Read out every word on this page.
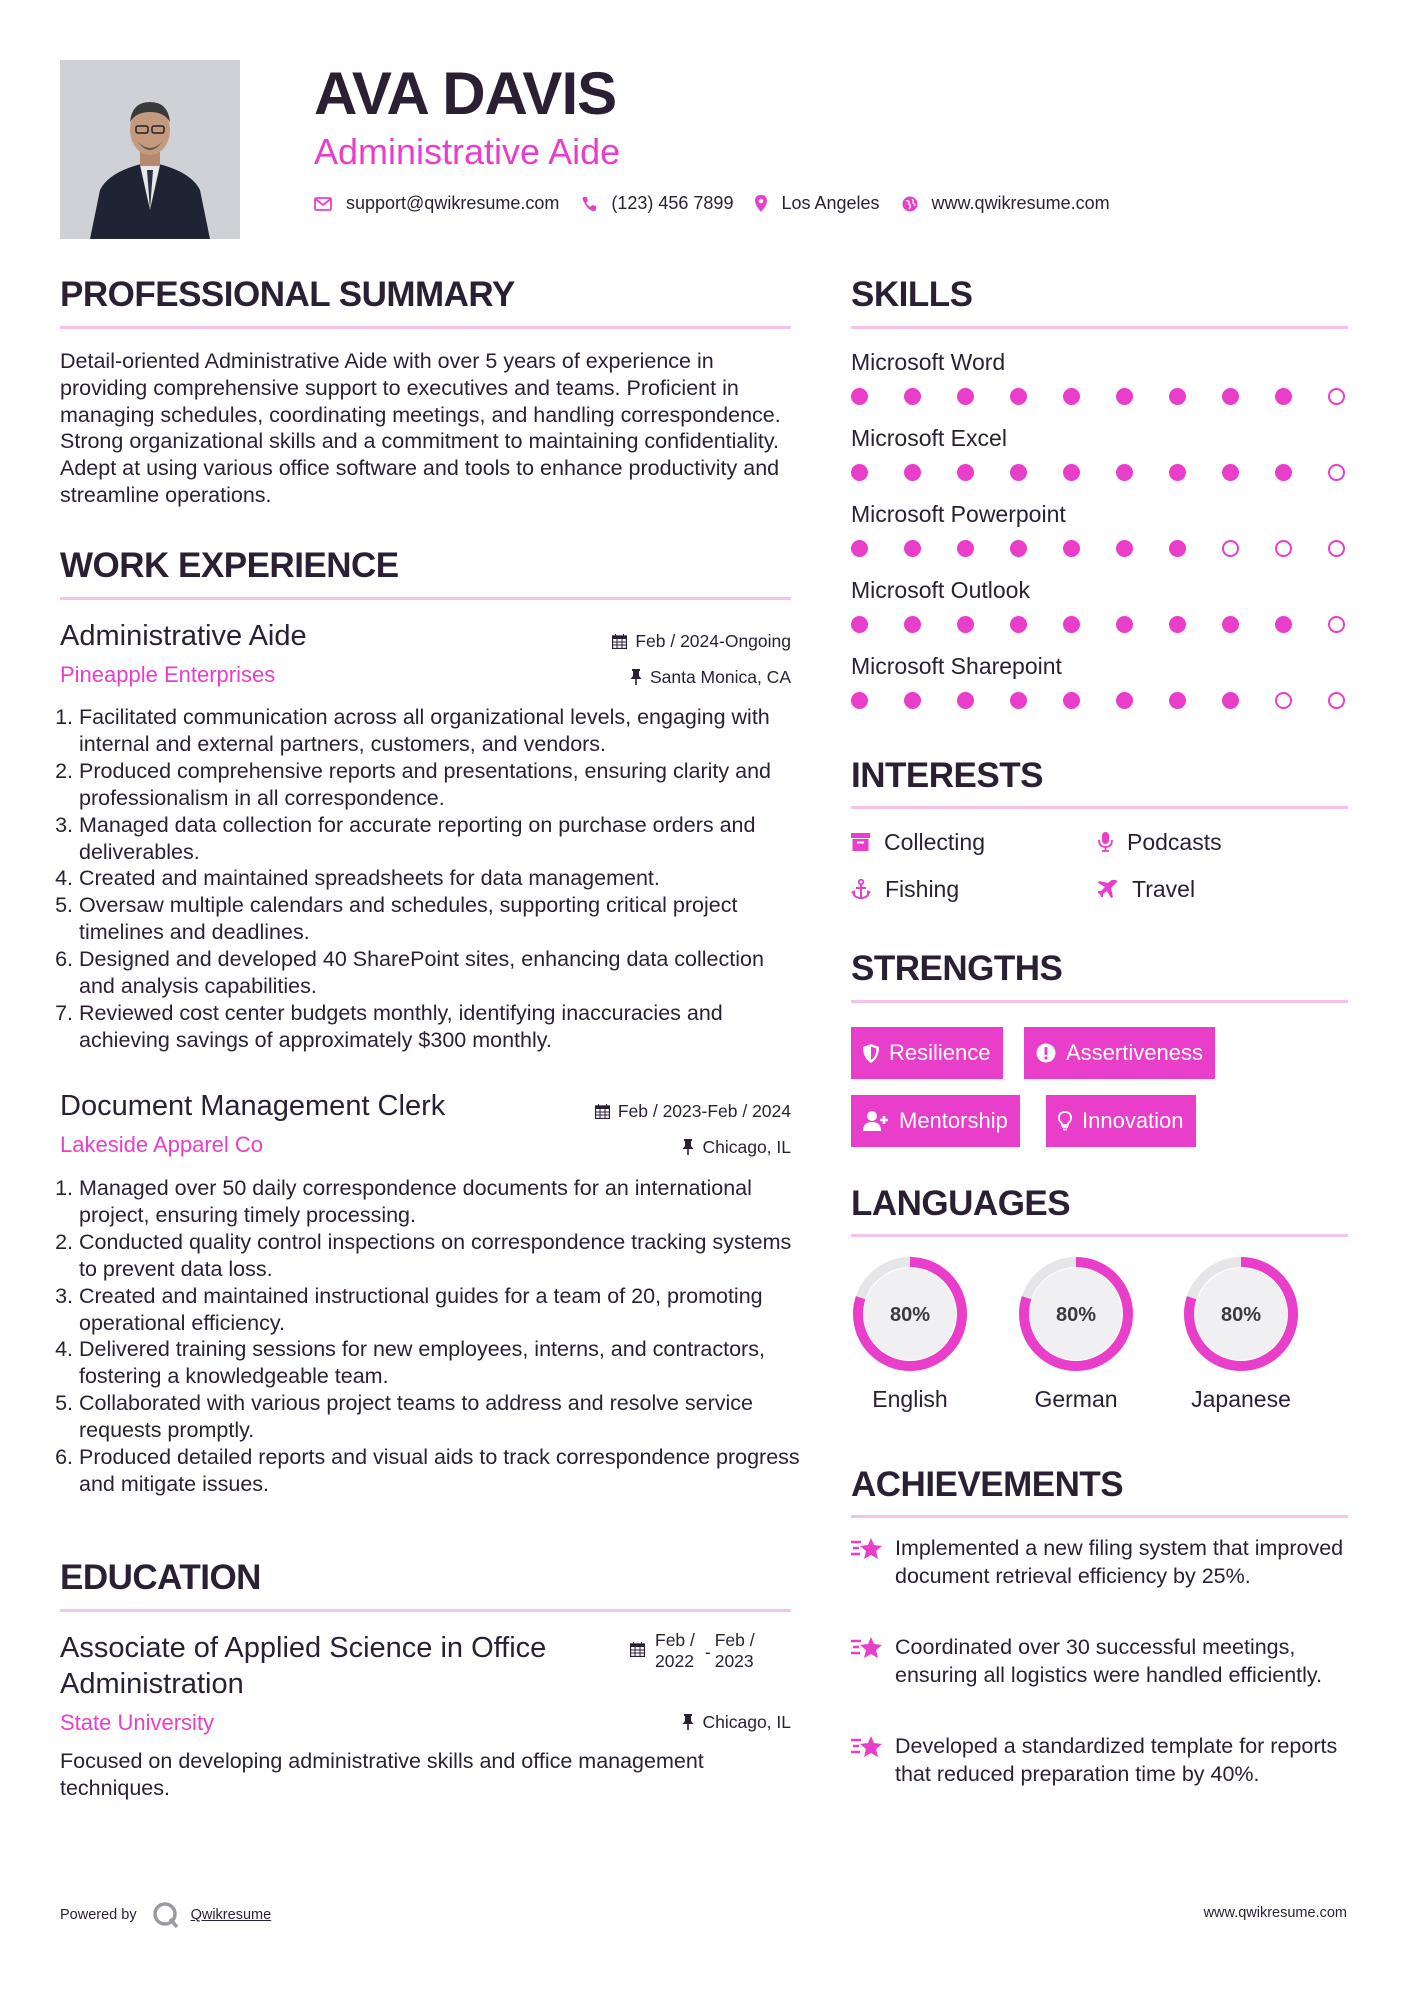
AVA DAVIS
Administrative Aide
support@qwikresume.com	(123) 456 7899	Los Angeles	www.qwikresume.com
PROFESSIONAL SUMMARY
Detail-oriented Administrative Aide with over 5 years of experience in providing comprehensive support to executives and teams. Proficient in managing schedules, coordinating meetings, and handling correspondence. Strong organizational skills and a commitment to maintaining confidentiality. Adept at using various office software and tools to enhance productivity and streamline operations.
WORK EXPERIENCE
Administrative Aide	Feb / 2024-Ongoing
Pineapple Enterprises	Santa Monica, CA
1. Facilitated communication across all organizational levels, engaging with internal and external partners, customers, and vendors.
2. Produced comprehensive reports and presentations, ensuring clarity and professionalism in all correspondence.
3. Managed data collection for accurate reporting on purchase orders and deliverables.
4. Created and maintained spreadsheets for data management.
5. Oversaw multiple calendars and schedules, supporting critical project timelines and deadlines.
6. Designed and developed 40 SharePoint sites, enhancing data collection and analysis capabilities.
7. Reviewed cost center budgets monthly, identifying inaccuracies and achieving savings of approximately $300 monthly.
Document Management Clerk	Feb / 2023-Feb / 2024
Lakeside Apparel Co	Chicago, IL
1. Managed over 50 daily correspondence documents for an international project, ensuring timely processing.
2. Conducted quality control inspections on correspondence tracking systems to prevent data loss.
3. Created and maintained instructional guides for a team of 20, promoting operational efficiency.
4. Delivered training sessions for new employees, interns, and contractors, fostering a knowledgeable team.
5. Collaborated with various project teams to address and resolve service requests promptly.
6. Produced detailed reports and visual aids to track correspondence progress and mitigate issues.
EDUCATION
Associate of Applied Science in Office Administration
Feb /
2022 -
Feb /
2023
State University	Chicago, IL
Focused on developing administrative skills and office management techniques.
SKILLS
Microsoft Word
Microsoft Excel
Microsoft Powerpoint
Microsoft Outlook
Microsoft Sharepoint
INTERESTS
Collecting	Podcasts
Fishing	Travel
STRENGTHS
Resilience	Assertiveness
Mentorship	Innovation
LANGUAGES
80%
English
80%
German
80%
Japanese
ACHIEVEMENTS
Implemented a new filing system that improved document retrieval efficiency by 25%.
Coordinated over 30 successful meetings, ensuring all logistics were handled efficiently.
Developed a standardized template for reports that reduced preparation time by 40%.
Powered by	Qwikresume	www.qwikresume.com
